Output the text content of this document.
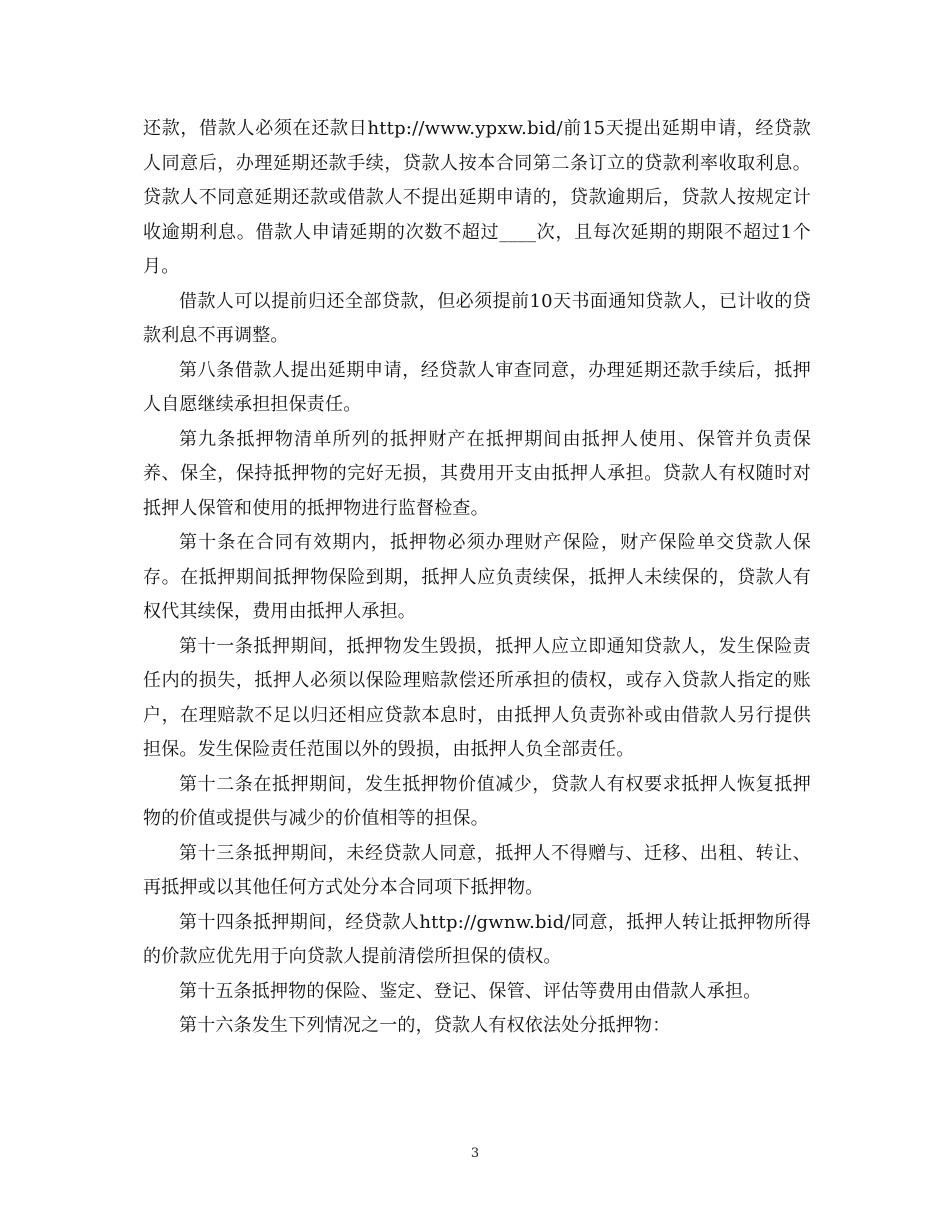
还款，借款人必须在还款日http://www.ypxw.bid/前15天提出延期申请，经贷款人同意后，办理延期还款手续，贷款人按本合同第二条订立的贷款利率收取利息。贷款人不同意延期还款或借款人不提出延期申请的，贷款逾期后，贷款人按规定计收逾期利息。借款人申请延期的次数不超过____次，且每次延期的期限不超过1个月。

借款人可以提前归还全部贷款，但必须提前10天书面通知贷款人，已计收的贷款利息不再调整。

第八条借款人提出延期申请，经贷款人审查同意，办理延期还款手续后，抵押人自愿继续承担担保责任。

第九条抵押物清单所列的抵押财产在抵押期间由抵押人使用、保管并负责保养、保全，保持抵押物的完好无损，其费用开支由抵押人承担。贷款人有权随时对抵押人保管和使用的抵押物进行监督检查。

第十条在合同有效期内，抵押物必须办理财产保险，财产保险单交贷款人保存。在抵押期间抵押物保险到期，抵押人应负责续保，抵押人未续保的，贷款人有权代其续保，费用由抵押人承担。

第十一条抵押期间，抵押物发生毁损，抵押人应立即通知贷款人，发生保险责任内的损失，抵押人必须以保险理赔款偿还所承担的债权，或存入贷款人指定的账户，在理赔款不足以归还相应贷款本息时，由抵押人负责弥补或由借款人另行提供担保。发生保险责任范围以外的毁损，由抵押人负全部责任。

第十二条在抵押期间，发生抵押物价值减少，贷款人有权要求抵押人恢复抵押物的价值或提供与减少的价值相等的担保。

第十三条抵押期间，未经贷款人同意，抵押人不得赠与、迁移、出租、转让、再抵押或以其他任何方式处分本合同项下抵押物。

第十四条抵押期间，经贷款人http://gwnw.bid/同意，抵押人转让抵押物所得的价款应优先用于向贷款人提前清偿所担保的债权。

第十五条抵押物的保险、鉴定、登记、保管、评估等费用由借款人承担。

第十六条发生下列情况之一的，贷款人有权依法处分抵押物：

3
